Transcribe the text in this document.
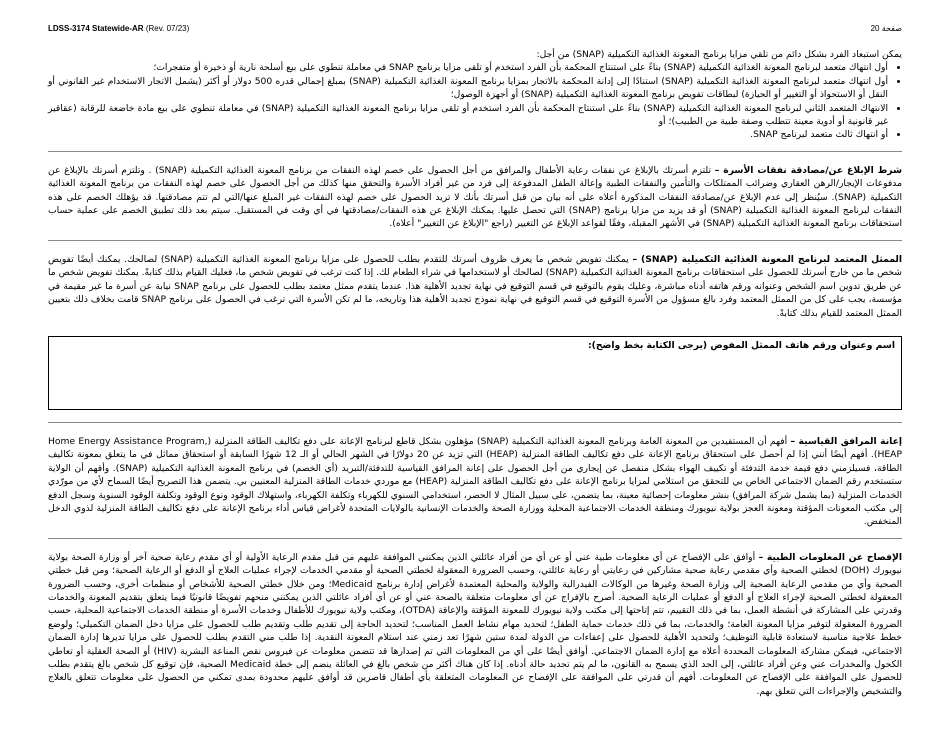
LDSS-3174 Statewide-AR (Rev. 07/23)	صفحة 20

يمكن استبعاد الفرد بشكل دائم من تلقي مزايا برنامج المعونة الغذائية التكميلية (SNAP) من أجل:

• أول انتهاك متعمد لبرنامج المعونة الغذائية التكميلية (SNAP) بناءً على استنتاج المحكمة بأن الفرد استخدم أو تلقى مزايا برنامج SNAP في معاملة تنطوي على بيع أسلحة نارية أو ذخيرة أو متفجرات؛
• أول انتهاك متعمد لبرنامج المعونة الغذائية التكميلية (SNAP) استنادًا إلى إدانة المحكمة بالاتجار بمزايا برنامج المعونة الغذائية التكميلية (SNAP) بمبلغ إجمالي قدره 500 دولار أو أكثر (يشمل الاتجار الاستخدام غير القانوني أو النقل أو الاستحواذ أو التغيير أو الحيازة) لبطاقات تفويض برنامج المعونة الغذائية التكميلية (SNAP) أو أجهزة الوصول؛
• الانتهاك المتعمد الثاني لبرنامج المعونة الغذائية التكميلية (SNAP) بناءً على استنتاج المحكمة بأن الفرد استخدم أو تلقى مزايا برنامج المعونة الغذائية التكميلية (SNAP) في معاملة تنطوي على بيع مادة خاضعة للرقابة (عقاقير غير قانونية أو أدوية معينة تتطلب وصفة طبية من الطبيب)؛ أو
• أو انتهاك ثالث متعمد لبرنامج SNAP.

شرط الإبلاغ عن/مصادقة نفقات الأسرة – تلتزم أسرتك بالإبلاغ عن نفقات رعاية الأطفال والمرافق من أجل الحصول على خصم لهذه النفقات من برنامج المعونة الغذائية التكميلية (SNAP) . وتلتزم أسرتك بالإبلاغ عن مدفوعات الإيجار/الرهن العقاري وضرائب الممتلكات والتأمين والنفقات الطبية وإعالة الطفل المدفوعة إلى فرد من غير أفراد الأسرة والتحقق منها كذلك من أجل الحصول على خصم لهذه النفقات من برنامج المعونة الغذائية التكميلية (SNAP). سيُنظر إلى عدم الإبلاغ عن/مصادقة النفقات المذكورة أعلاه على أنه بيان من قبل أسرتك بأنك لا تريد الحصول على خصم لهذه النفقات غير المبلغ عنها/التي لم تتم مصادقتها. قد يؤهلك الخصم على هذه النفقات لبرنامج المعونة الغذائية التكميلية (SNAP) أو قد يزيد من مزايا برنامج (SNAP) التي تحصل عليها. يمكنك الإبلاغ عن هذه النفقات/مصادقتها في أي وقت في المستقبل. سيتم بعد ذلك تطبيق الخصم على عملية حساب استحقاقات برنامج المعونة الغذائية التكميلية (SNAP) في الأشهر المقبلة، وفقًا لقواعد الإبلاغ عن التغيير (راجع "الإبلاغ عن التغيير" أعلاه).

الممثل المعتمد لبرنامج المعونة الغذائية التكميلية (SNAP) – يمكنك تفويض شخص ما يعرف ظروف أسرتك للتقدم بطلب للحصول على مزايا برنامج المعونة الغذائية التكميلية (SNAP) لصالحك. يمكنك أيضًا تفويض شخص ما من خارج أسرتك للحصول على استحقاقات برنامج المعونة الغذائية التكميلية (SNAP) لصالحك أو لاستخدامها في شراء الطعام لك. إذا كنت ترغب في تفويض شخص ما، فعليك القيام بذلك كتابةً. يمكنك تفويض شخص ما عن طريق تدوين اسم الشخص وعنوانه ورقم هاتفه أدناه مباشرة، وعليك يقوم بالتوقيع في قسم التوقيع في نهاية تجديد الأهلية هذا. عندما يتقدم ممثل معتمد بطلب للحصول على برنامج SNAP نيابة عن أسرة ما غير مقيمة في مؤسسة، يجب على كل من الممثل المعتمد وفرد بالغ مسؤول من الأسرة التوقيع في قسم التوقيع في نهاية نموذج تجديد الأهلية هذا وتاريخه، ما لم تكن الأسرة التي ترغب في الحصول على برنامج SNAP قامت بخلاف ذلك بتعيين الممثل المعتمد للقيام بذلك كتابةً.

اسم وعنوان ورقم هاتف الممثل المفوض (يرجى الكتابة بخط واضح):

إعانة المرافق القياسية – أفهم أن المستفيدين من المعونة العامة وبرنامج المعونة الغذائية التكميلية (SNAP) مؤهلون بشكل قاطع لبرنامج الإعانة على دفع تكاليف الطاقة المنزلية (Home Energy Assistance Program, HEAP). أفهم أيضًا أنني إذا لم أحصل على استحقاق برنامج الإعانة على دفع تكاليف الطاقة المنزلية (HEAP) التي تزيد عن 20 دولارًا في الشهر الحالي أو الـ 12 شهرًا السابقة أو استحقاق مماثل في ما يتعلق بمعونة تكاليف الطاقة، فسيلزمني دفع قيمة خدمة التدفئة أو تكييف الهواء بشكل منفصل عن إيجاري من أجل الحصول على إعانة المرافق القياسية للتدفئة/التبريد (أي الخصم) في برنامج المعونة الغذائية التكميلية (SNAP). وأفهم أن الولاية ستستخدم رقم الضمان الاجتماعي الخاص بي للتحقق من استلامي لمزايا برنامج الإعانة على دفع تكاليف الطاقة المنزلية (HEAP) مع موردي خدمات الطاقة المنزلية المعنيين بي. يتضمن هذا التصريح أيضًا السماح لأي من مورّدي الخدمات المنزلية (بما يشمل شركة المرافق) بنشر معلومات إحصائية معينة، بما يتضمن، على سبيل المثال لا الحصر، استخدامي السنوي للكهرباء وتكلفة الكهرباء، واستهلاك الوقود ونوع الوقود وتكلفة الوقود السنوية وسجل الدفع إلى مكتب المعونات المؤقتة ومعونة العجز بولاية نيويورك ومنطقة الخدمات الاجتماعية المحلية ووزارة الصحة والخدمات الإنسانية بالولايات المتحدة لأغراض قياس أداء برنامج الإعانة على دفع تكاليف الطاقة المنزلية لذوي الدخل المنخفض.

الإفصاح عن المعلومات الطبية – أوافق على الإفصاح عن أي معلومات طبية عني أو عن أي من أفراد عائلتي الذين يمكنني الموافقة عليهم من قبل مقدم الرعاية الأولية أو أي مقدم رعاية صحية آخر أو وزارة الصحة بولاية نيويورك (DOH) لخطتي الصحية وأي مقدمي رعاية صحية مشاركين في رعايتي أو رعاية عائلتي، وحسب الضرورة المعقولة لخطتي الصحية أو مقدمي الخدمات لإجراء عمليات العلاج أو الدفع أو الرعاية الصحية؛ ومن قبل خطتي الصحية وأي من مقدمي الرعاية الصحية إلى وزارة الصحة وغيرها من الوكالات الفيدرالية والولاية والمحلية المعتمدة لأغراض إدارة برنامج Medicaid؛ ومن خلال خطتي الصحية للأشخاص أو منظمات أخرى، وحسب الضرورة المعقولة لخطتي الصحية لإجراء العلاج أو الدفع أو عمليات الرعاية الصحية. أصرح بالإفراج عن أي معلومات متعلقة بالصحة عني أو عن أي أفراد عائلتي الذين يمكنني منحهم تفويضًا قانونيًا فيما يتعلق بتقديم المعونة والخدمات وقدرتي على المشاركة في أنشطة العمل، بما في ذلك التقييم، تتم إتاحتها إلى مكتب ولاية نيويورك للمعونة المؤقتة والإعاقة (OTDA)، ومكتب ولاية نيويورك للأطفال وخدمات الأسرة أو منطقة الخدمات الاجتماعية المحلية، حسب الضرورة المعقولة لتوفير مزايا المعونة العامة؛ والخدمات، بما في ذلك خدمات حماية الطفل؛ لتحديد مهام نشاط العمل المناسب؛ لتحديد الحاجة إلى تقديم طلب وتقديم طلب للحصول على مزايا دخل الضمان التكميلي؛ ولوضع خطط علاجية مناسبة لاستعادة قابلية التوظيف؛ ولتحديد الأهلية للحصول على إعفاءات من الدولة لمدة ستين شهرًا تعد زمني عند استلام المعونة النقدية. إذا طلب مني التقدم بطلب للحصول على مزايا تديرها إدارة الضمان الاجتماعي، فيمكن مشاركة المعلومات المحددة أعلاه مع إدارة الضمان الاجتماعي. أوافق أيضًا على أي من المعلومات التي تم إصدارها قد تتضمن معلومات عن فيروس نقص المناعة البشرية (HIV) أو الصحة العقلية أو تعاطي الكحول والمخدرات عني وعن أفراد عائلتي، إلى الحد الذي يسمح به القانون، ما لم يتم تحديد حالة أدناه. إذا كان هناك أكثر من شخص بالغ في العائلة ينضم إلى خطة Medicaid الصحية، فإن توقيع كل شخص بالغ يتقدم بطلب للحصول على الموافقة على الإفصاح عن المعلومات. أفهم أن قدرتي على الموافقة على الإفصاح عن المعلومات المتعلقة بأي أطفال قاصرين قد أوافق عليهم محدودة بمدى تمكني من الحصول على معلومات تتعلق بالعلاج والتشخيص والإجراءات التي تتعلق بهم.
